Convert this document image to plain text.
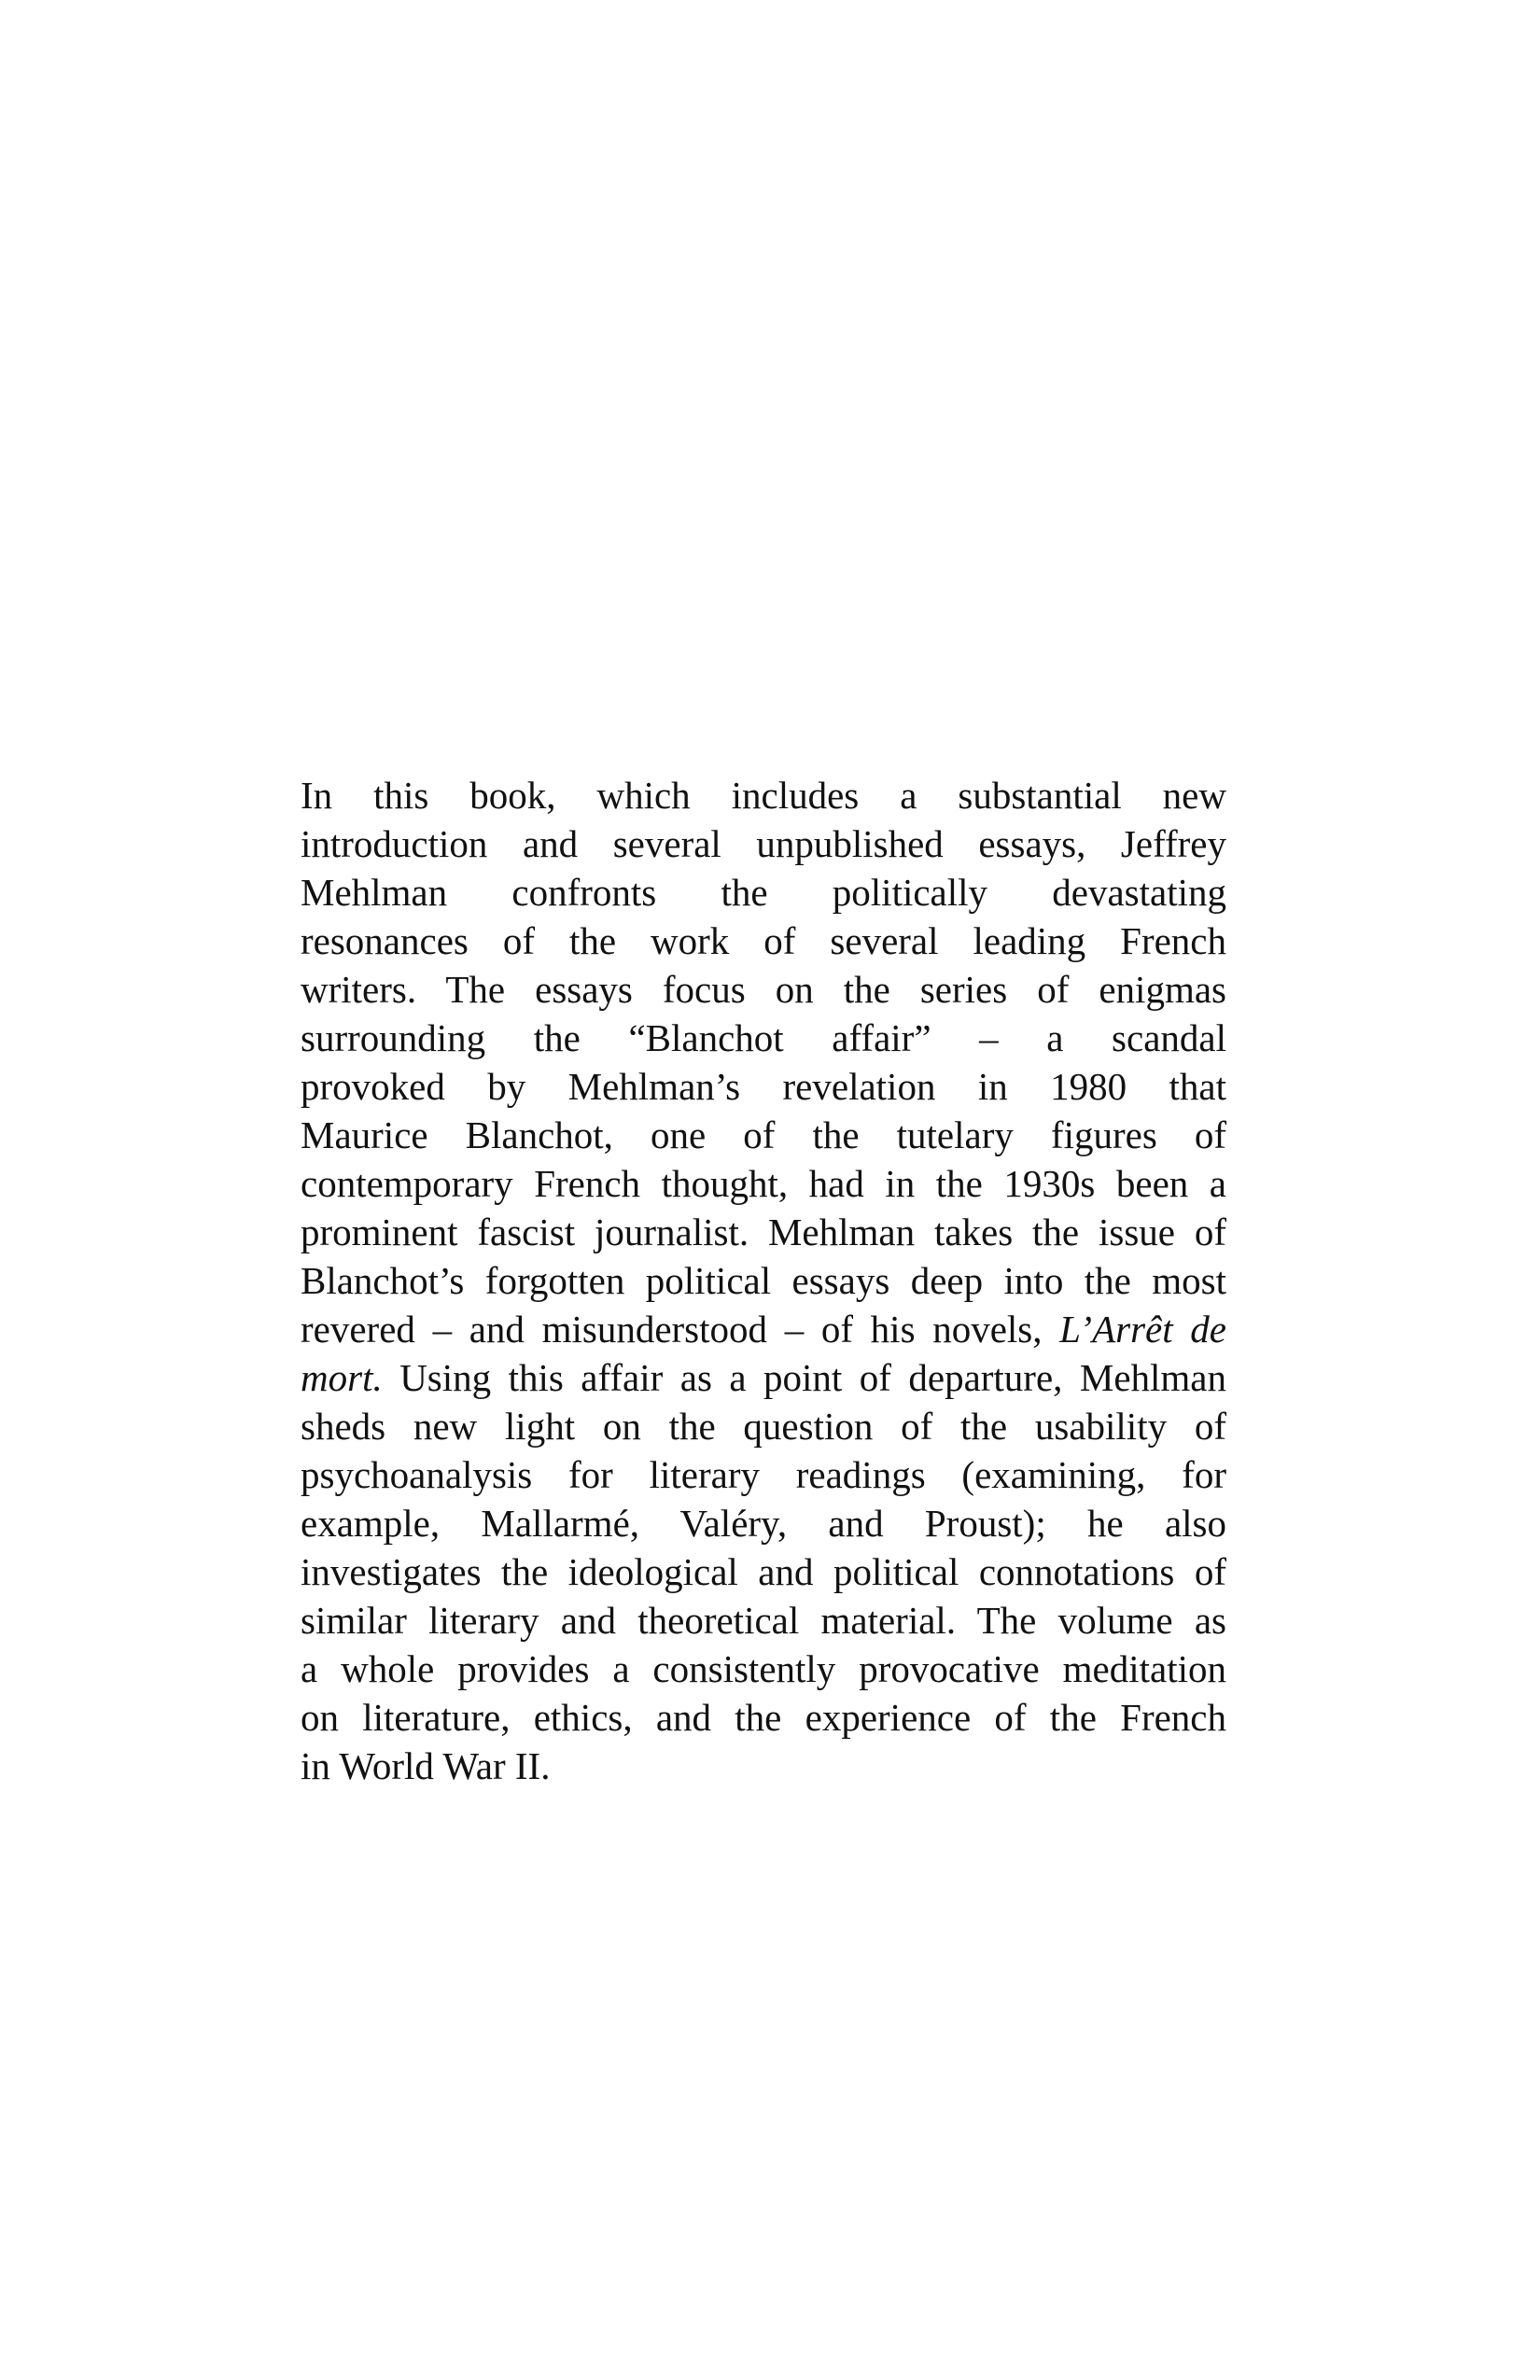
In this book, which includes a substantial new
introduction and several unpublished essays, Jeffrey
Mehlman confronts the politically devastating
resonances of the work of several leading French
writers. The essays focus on the series of enigmas
surrounding the “Blanchot affair” – a scandal
provoked by Mehlman’s revelation in 1980 that
Maurice Blanchot, one of the tutelary figures of
contemporary French thought, had in the 1930s been a
prominent fascist journalist. Mehlman takes the issue of
Blanchot’s forgotten political essays deep into the most
revered – and misunderstood – of his novels, L’Arrêt de
mort. Using this affair as a point of departure, Mehlman
sheds new light on the question of the usability of
psychoanalysis for literary readings (examining, for
example, Mallarmé, Valéry, and Proust); he also
investigates the ideological and political connotations of
similar literary and theoretical material. The volume as
a whole provides a consistently provocative meditation
on literature, ethics, and the experience of the French
in World War II.
